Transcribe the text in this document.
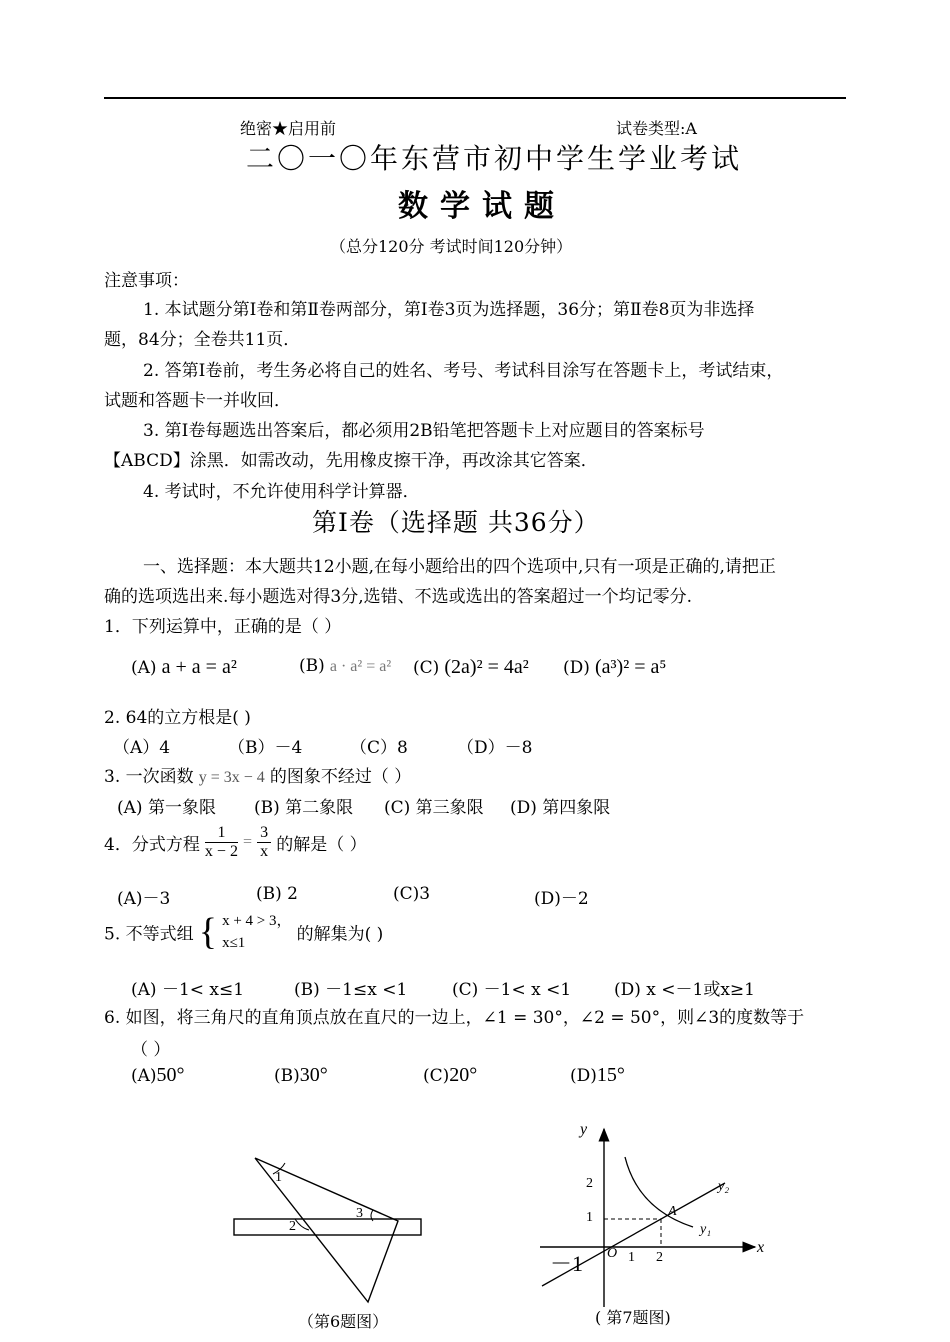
绝密★启用前	试卷类型:A
二〇一〇年东营市初中学生学业考试
数学试题
（总分120分 考试时间120分钟）
注意事项：
1. 本试题分第Ⅰ卷和第Ⅱ卷两部分，第Ⅰ卷3页为选择题，36分；第Ⅱ卷8页为非选择
题，84分；全卷共11页．
2. 答第Ⅰ卷前，考生务必将自己的姓名、考号、考试科目涂写在答题卡上，考试结束，
试题和答题卡一并收回．
3. 第Ⅰ卷每题选出答案后，都必须用2B铅笔把答题卡上对应题目的答案标号
【ABCD】涂黑．如需改动，先用橡皮擦干净，再改涂其它答案．
4. 考试时，不允许使用科学计算器．
第Ⅰ卷（选择题 共36分）
一、选择题：本大题共12小题,在每小题给出的四个选项中,只有一项是正确的,请把正
确的选项选出来.每小题选对得3分,选错、不选或选出的答案超过一个均记零分.
1．下列运算中，正确的是（ ）
(A) a + a = a²	(B) a · a² = a² (C) (2a)² = 4a² (D) (a³)² = a⁵
2. 64的立方根是( )
（A）4	（B）－4	（C）8	（D）－8
3. 一次函数 y = 3x − 4 的图象不经过（ ）
(A) 第一象限 (B) 第二象限 (C) 第三象限 (D) 第四象限
4．分式方程 $\frac{1}{x - 2} = \frac{3}{x}$ 的解是（ ）
(A)－3	(B) 2	(C)3	(D)－2
5. 不等式组 { x + 4 > 3，
x≤1	的解集为( )
(A) －1< x≤1	(B) －1≤x <1	(C) －1< x <1	(D) x <－1或x≥1
6. 如图，将三角尺的直角顶点放在直尺的一边上，∠1 = 30°，∠2 = 50°，则∠3的度数等于
（ ）
(A)50°	(B)30°	(C)20°	(D)15°
1
2
3
（第6题图）
y
x
O 1 2
1
2
－1
A
y₁
y₂
( 第7题图)
